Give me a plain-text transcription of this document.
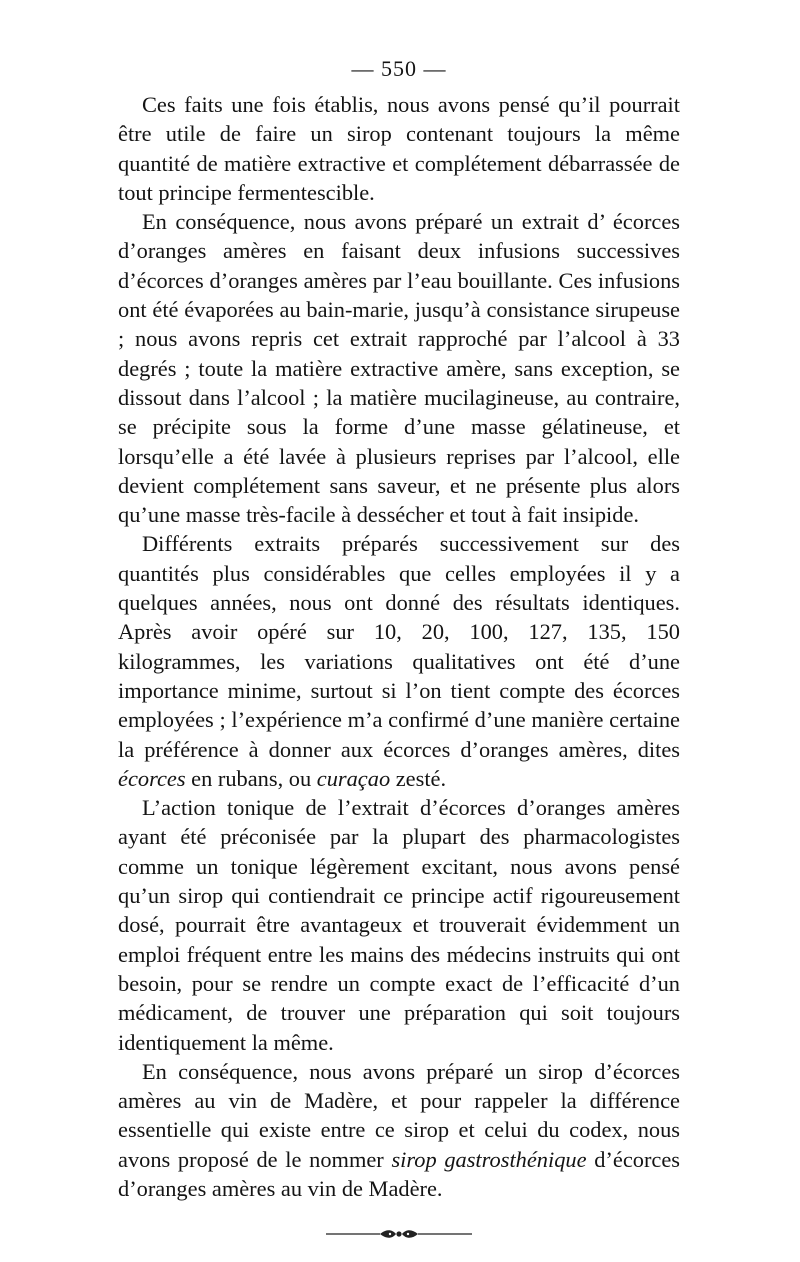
— 550 —

Ces faits une fois établis, nous avons pensé qu’il pourrait être utile de faire un sirop contenant toujours la même quantité de matière extractive et complétement débarrassée de tout principe fermentescible.

En conséquence, nous avons préparé un extrait d’ écorces d’oranges amères en faisant deux infusions successives d’écorces d’oranges amères par l’eau bouillante. Ces infusions ont été évaporées au bain-marie, jusqu’à consistance sirupeuse ; nous avons repris cet extrait rapproché par l’alcool à 33 degrés ; toute la matière extractive amère, sans exception, se dissout dans l’alcool ; la matière mucilagineuse, au contraire, se précipite sous la forme d’une masse gélatineuse, et lorsqu’elle a été lavée à plusieurs reprises par l’alcool, elle devient complétement sans saveur, et ne présente plus alors qu’une masse très-facile à dessécher et tout à fait insipide.

Différents extraits préparés successivement sur des quantités plus considérables que celles employées il y a quelques années, nous ont donné des résultats identiques. Après avoir opéré sur 10, 20, 100, 127, 135, 150 kilogrammes, les variations qualitatives ont été d’une importance minime, surtout si l’on tient compte des écorces employées ; l’expérience m’a confirmé d’une manière certaine la préférence à donner aux écorces d’oranges amères, dites écorces en rubans, ou curaçao zesté.

L’action tonique de l’extrait d’écorces d’oranges amères ayant été préconisée par la plupart des pharmacologistes comme un tonique légèrement excitant, nous avons pensé qu’un sirop qui contiendrait ce principe actif rigoureusement dosé, pourrait être avantageux et trouverait évidemment un emploi fréquent entre les mains des médecins instruits qui ont besoin, pour se rendre un compte exact de l’efficacité d’un médicament, de trouver une préparation qui soit toujours identiquement la même.

En conséquence, nous avons préparé un sirop d’écorces amères au vin de Madère, et pour rappeler la différence essentielle qui existe entre ce sirop et celui du codex, nous avons proposé de le nommer sirop gastrosthénique d’écorces d’oranges amères au vin de Madère.
